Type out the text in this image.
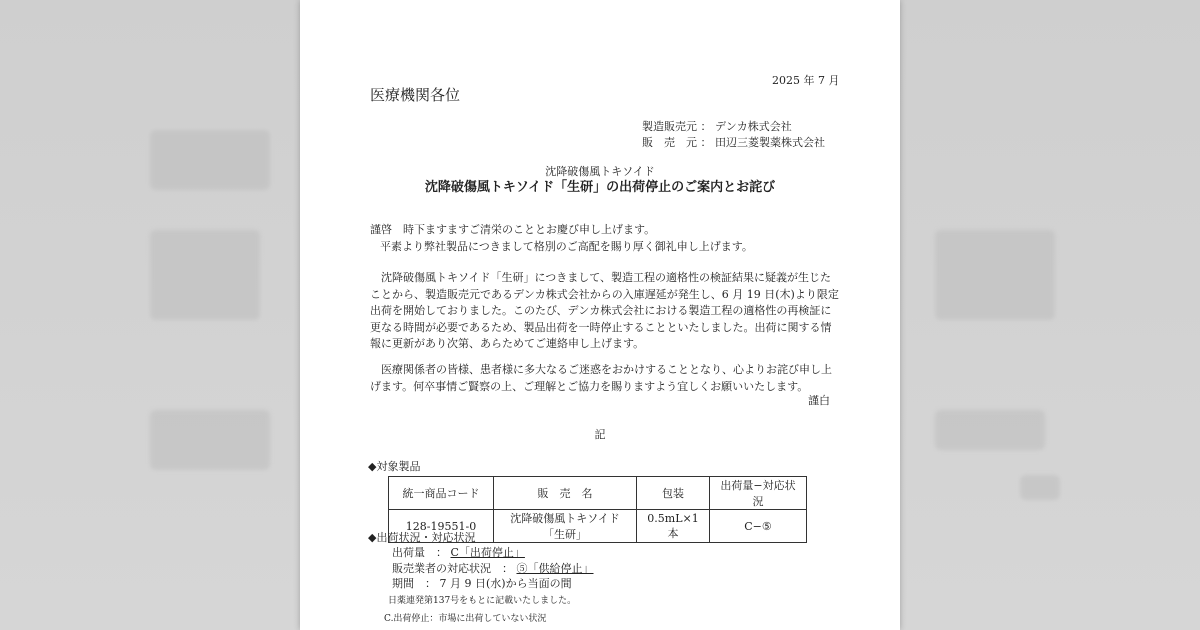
2025 年 7 月
医療機関各位
製造販売元 ： デンカ株式会社
販　売　元 ： 田辺三菱製薬株式会社
沈降破傷風トキソイド
沈降破傷風トキソイド「生研」の出荷停止のご案内とお詫び
謹啓　時下ますますご清栄のこととお慶び申し上げます。
平素より弊社製品につきまして格別のご高配を賜り厚く御礼申し上げます。
沈降破傷風トキソイド「生研」につきまして、製造工程の適格性の検証結果に疑義が生じたことから、製造販売元であるデンカ株式会社からの入庫遅延が発生し、6 月 19 日(木)より限定出荷を開始しておりました。このたび、デンカ株式会社における製造工程の適格性の再検証に更なる時間が必要であるため、製品出荷を一時停止することといたしました。出荷に関する情報に更新があり次第、あらためてご連絡申し上げます。
医療関係者の皆様、患者様に多大なるご迷惑をおかけすることとなり、心よりお詫び申し上げます。何卒事情ご賢察の上、ご理解とご協力を賜りますよう宜しくお願いいたします。
謹白
記
◆対象製品
統一商品コード	販　売　名	包装	出荷量−対応状況
128-19551-0	沈降破傷風トキソイド「生研」	0.5mL×1 本	C−⑤
◆出荷状況・対応状況
出荷量　： C「出荷停止」
販売業者の対応状況　： ⑤「供給停止」
期間　： 7 月 9 日(水)から当面の間
日薬連発第137号をもとに記載いたしました。
C.出荷停止：市場に出荷していない状況
